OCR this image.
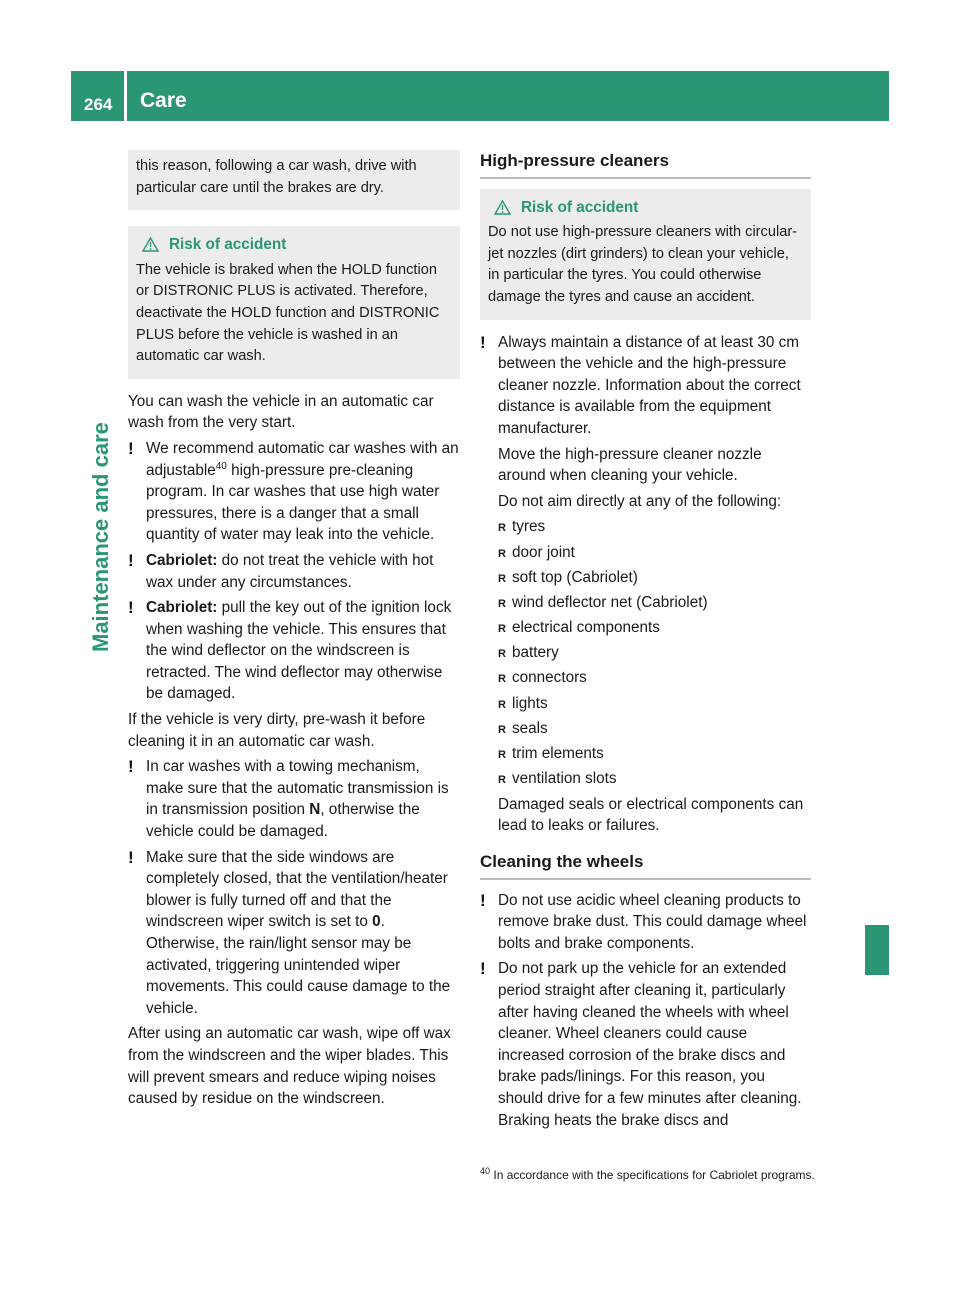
264 Care
Maintenance and care

this reason, following a car wash, drive with particular care until the brakes are dry.

Risk of accident

The vehicle is braked when the HOLD function or DISTRONIC PLUS is activated. Therefore, deactivate the HOLD function and DISTRONIC PLUS before the vehicle is washed in an automatic car wash.

You can wash the vehicle in an automatic car wash from the very start.

! We recommend automatic car washes with an adjustable$^{40}$ high-pressure pre-cleaning program. In car washes that use high water pressures, there is a danger that a small quantity of water may leak into the vehicle.
! Cabriolet: do not treat the vehicle with hot wax under any circumstances.
! Cabriolet: pull the key out of the ignition lock when washing the vehicle. This ensures that the wind deflector on the windscreen is retracted. The wind deflector may otherwise be damaged.

If the vehicle is very dirty, pre-wash it before cleaning it in an automatic car wash.

! In car washes with a towing mechanism, make sure that the automatic transmission is in transmission position N, otherwise the vehicle could be damaged.
! Make sure that the side windows are completely closed, that the ventilation/heater blower is fully turned off and that the windscreen wiper switch is set to 0. Otherwise, the rain/light sensor may be activated, triggering unintended wiper movements. This could cause damage to the vehicle.

After using an automatic car wash, wipe off wax from the windscreen and the wiper blades. This will prevent smears and reduce wiping noises caused by residue on the windscreen.

High-pressure cleaners
Risk of accident

Do not use high-pressure cleaners with circular-jet nozzles (dirt grinders) to clean your vehicle, in particular the tyres. You could otherwise damage the tyres and cause an accident.

! Always maintain a distance of at least 30 cm between the vehicle and the high-pressure cleaner nozzle. Information about the correct distance is available from the equipment manufacturer.

Move the high-pressure cleaner nozzle around when cleaning your vehicle.

Do not aim directly at any of the following:

R tyres
R door joint
R soft top (Cabriolet)
R wind deflector net (Cabriolet)
R electrical components
R battery
R connectors
R lights
R seals
R trim elements
R ventilation slots

Damaged seals or electrical components can lead to leaks or failures.

Cleaning the wheels
! Do not use acidic wheel cleaning products to remove brake dust. This could damage wheel bolts and brake components.
! Do not park up the vehicle for an extended period straight after cleaning it, particularly after having cleaned the wheels with wheel cleaner. Wheel cleaners could cause increased corrosion of the brake discs and brake pads/linings. For this reason, you should drive for a few minutes after cleaning. Braking heats the brake discs and
$^{40}$ In accordance with the specifications for Cabriolet programs.
